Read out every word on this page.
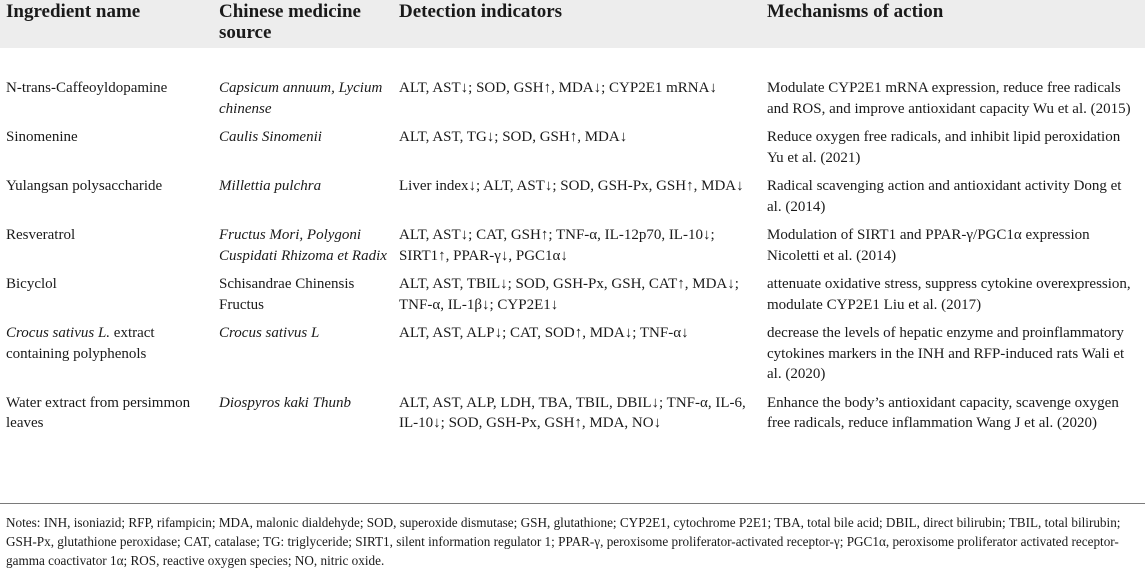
Ingredient name	Chinese medicine source	Detection indicators	Mechanisms of action
N-trans-Caffeoyldopamine	Capsicum annuum, Lycium chinense	ALT, AST↓; SOD, GSH↑, MDA↓; CYP2E1 mRNA↓	Modulate CYP2E1 mRNA expression, reduce free radicals and ROS, and improve antioxidant capacity Wu et al. (2015)
Sinomenine	Caulis Sinomenii	ALT, AST, TG↓; SOD, GSH↑, MDA↓	Reduce oxygen free radicals, and inhibit lipid peroxidation Yu et al. (2021)
Yulangsan polysaccharide	Millettia pulchra	Liver index↓; ALT, AST↓; SOD, GSH-Px, GSH↑, MDA↓	Radical scavenging action and antioxidant activity Dong et al. (2014)
Resveratrol	Fructus Mori, Polygoni Cuspidati Rhizoma et Radix	ALT, AST↓; CAT, GSH↑; TNF-α, IL-12p70, IL-10↓; SIRT1↑, PPAR-γ↓, PGC1α↓	Modulation of SIRT1 and PPAR-γ/PGC1α expression Nicoletti et al. (2014)
Bicyclol	Schisandrae Chinensis Fructus	ALT, AST, TBIL↓; SOD, GSH-Px, GSH, CAT↑, MDA↓; TNF-α, IL-1β↓; CYP2E1↓	attenuate oxidative stress, suppress cytokine overexpression, modulate CYP2E1 Liu et al. (2017)
Crocus sativus L. extract containing polyphenols	Crocus sativus L	ALT, AST, ALP↓; CAT, SOD↑, MDA↓; TNF-α↓	decrease the levels of hepatic enzyme and proinflammatory cytokines markers in the INH and RFP-induced rats Wali et al. (2020)
Water extract from persimmon leaves	Diospyros kaki Thunb	ALT, AST, ALP, LDH, TBA, TBIL, DBIL↓; TNF-α, IL-6, IL-10↓; SOD, GSH-Px, GSH↑, MDA, NO↓	Enhance the body’s antioxidant capacity, scavenge oxygen free radicals, reduce inflammation Wang J et al. (2020)
Notes: INH, isoniazid; RFP, rifampicin; MDA, malonic dialdehyde; SOD, superoxide dismutase; GSH, glutathione; CYP2E1, cytochrome P2E1; TBA, total bile acid; DBIL, direct bilirubin; TBIL, total bilirubin; GSH-Px, glutathione peroxidase; CAT, catalase; TG: triglyceride; SIRT1, silent information regulator 1; PPAR-γ, peroxisome proliferator-activated receptor-γ; PGC1α, peroxisome proliferator activated receptor-gamma coactivator 1α; ROS, reactive oxygen species; NO, nitric oxide.
